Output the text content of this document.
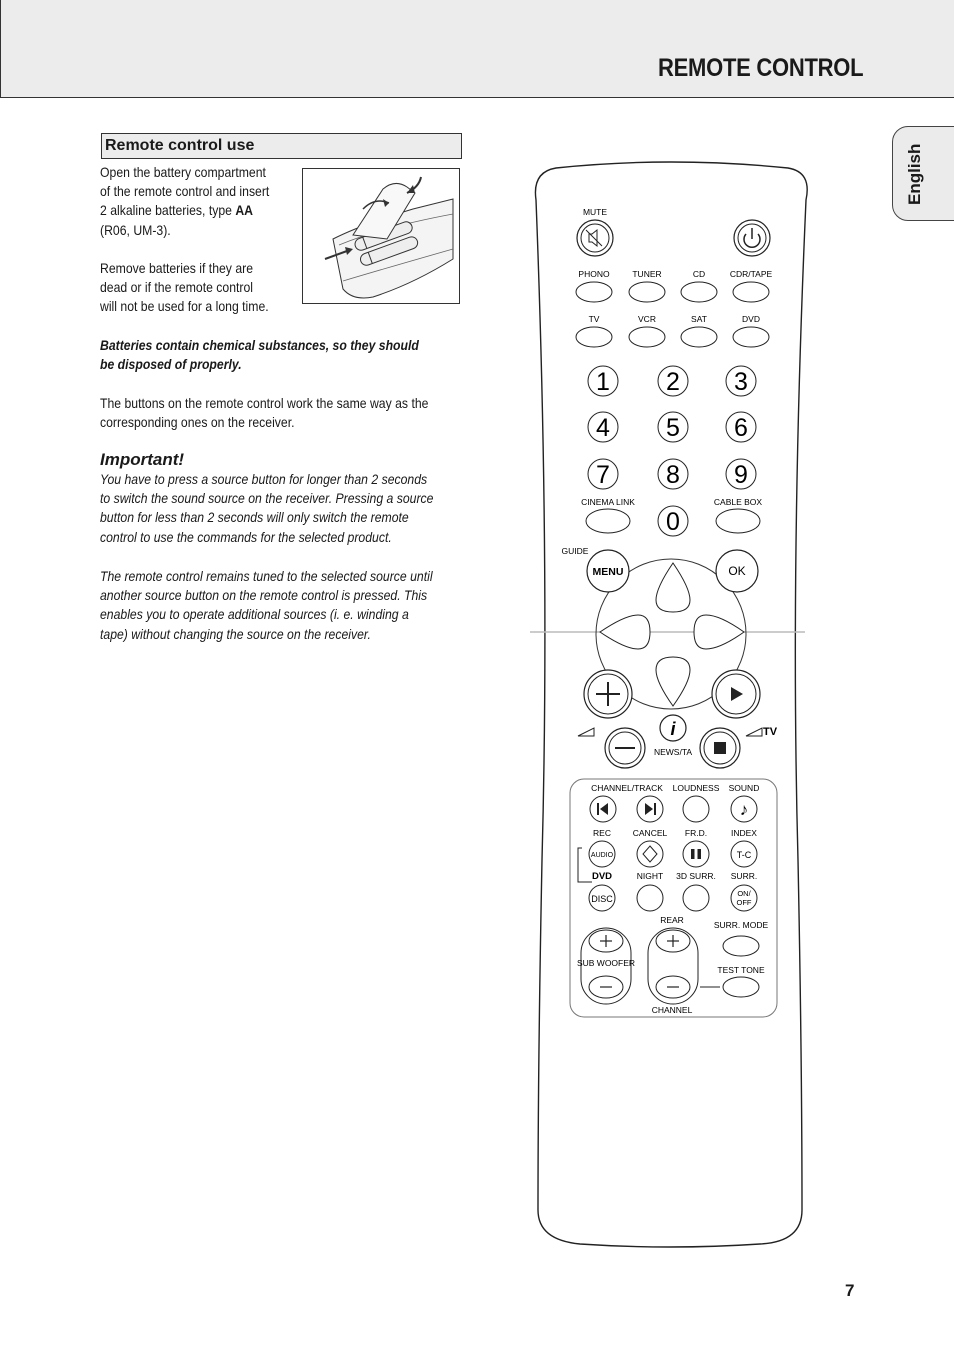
REMOTE CONTROL
English
Remote control use
Open the battery compartment
of the remote control and insert
2 alkaline batteries, type AA
(R06, UM-3).
Remove batteries if they are
dead or if the remote control
will not be used for a long time.
Batteries contain chemical substances, so they should
be disposed of properly.
The buttons on the remote control work the same way as the
corresponding ones on the receiver.
Important!
You have to press a source button for longer than 2 seconds
to switch the sound source on the receiver. Pressing a source
button for less than 2 seconds will only switch the remote
control to use the commands for the selected product.
The remote control remains tuned to the selected source until
another source button on the remote control is pressed. This
enables you to operate additional sources (i. e. winding a
tape) without changing the source on the receiver.
MUTE
PHONO	TUNER	CD	CDR/TAPE
TV	VCR	SAT	DVD
1 2 3
4 5 6
7 8 9
0
CINEMA LINK	CABLE BOX
GUIDE
MENU	OK
TV
i
NEWS/TA
CHANNEL/TRACK LOUDNESS SOUND
♪
REC	CANCEL FR.D.	INDEX
AUDIO	T-C
DVD	NIGHT 3D SURR. SURR.
DISC
ON/
OFF
REAR	SURR. MODE
SUB WOOFER
CHANNEL
TEST TONE
7
